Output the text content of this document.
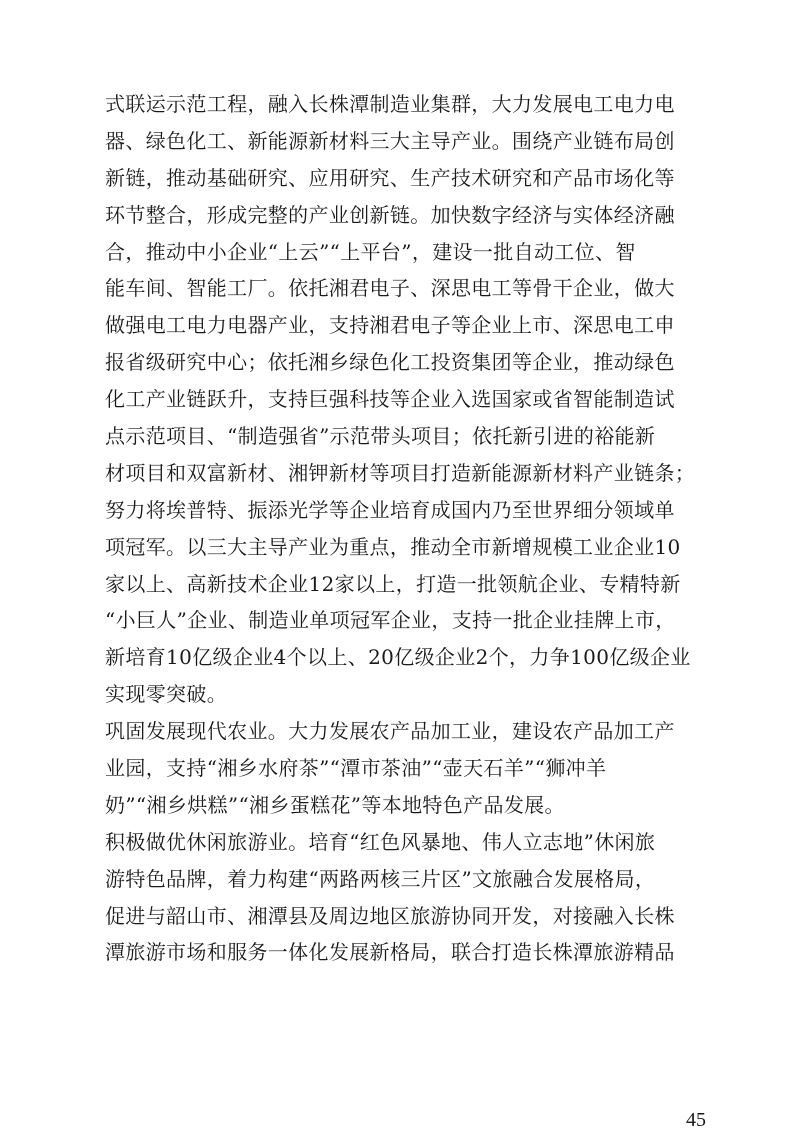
式联运示范工程，融入长株潭制造业集群，大力发展电工电力电
器、绿色化工、新能源新材料三大主导产业。围绕产业链布局创
新链，推动基础研究、应用研究、生产技术研究和产品市场化等
环节整合，形成完整的产业创新链。加快数字经济与实体经济融
合，推动中小企业“上云”“上平台”，建设一批自动工位、智
能车间、智能工厂。依托湘君电子、深思电工等骨干企业，做大
做强电工电力电器产业，支持湘君电子等企业上市、深思电工申
报省级研究中心；依托湘乡绿色化工投资集团等企业，推动绿色
化工产业链跃升，支持巨强科技等企业入选国家或省智能制造试
点示范项目、“制造强省”示范带头项目；依托新引进的裕能新
材项目和双富新材、湘钾新材等项目打造新能源新材料产业链条；
努力将埃普特、振添光学等企业培育成国内乃至世界细分领域单
项冠军。以三大主导产业为重点，推动全市新增规模工业企业10
家以上、高新技术企业12家以上，打造一批领航企业、专精特新
“小巨人”企业、制造业单项冠军企业，支持一批企业挂牌上市，
新培育10亿级企业4个以上、20亿级企业2个，力争100亿级企业
实现零突破。
巩固发展现代农业。大力发展农产品加工业，建设农产品加工产
业园，支持“湘乡水府茶”“潭市茶油”“壶天石羊”“狮冲羊
奶”“湘乡烘糕”“湘乡蛋糕花”等本地特色产品发展。
积极做优休闲旅游业。培育“红色风暴地、伟人立志地”休闲旅
游特色品牌，着力构建“两路两核三片区”文旅融合发展格局，
促进与韶山市、湘潭县及周边地区旅游协同开发，对接融入长株
潭旅游市场和服务一体化发展新格局，联合打造长株潭旅游精品
45
